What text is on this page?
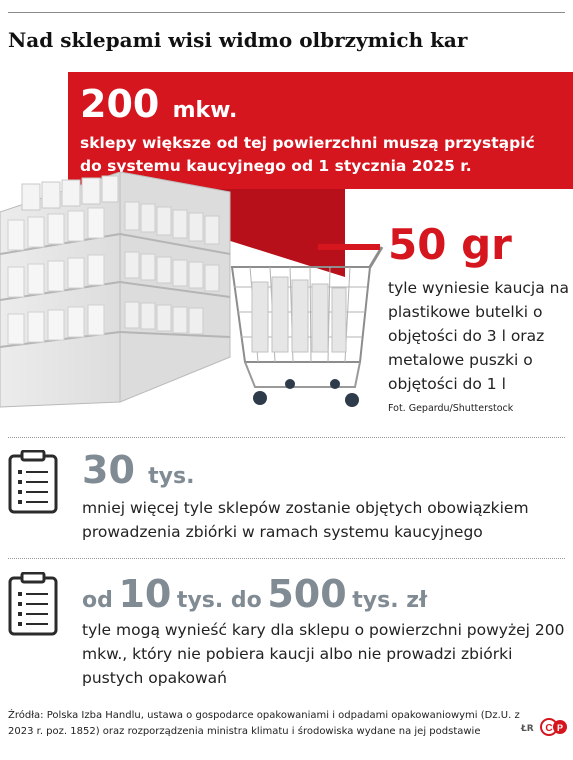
Nad sklepami wisi widmo olbrzymich kar
200 mkw.
sklepy większe od tej powierzchni muszą przystąpić do systemu kaucyjnego od 1 stycznia 2025 r.
50 gr
tyle wyniesie kaucja na plastikowe butelki o objętości do 3 l oraz metalowe puszki o objętości do 1 l
Fot. Gepardu/Shutterstock
30 tys.
mniej więcej tyle sklepów zostanie objętych obowiązkiem prowadzenia zbiórki w ramach systemu kaucyjnego
od 10 tys. do 500 tys. zł
tyle mogą wynieść kary dla sklepu o powierzchni powyżej 200 mkw., który nie pobiera kaucji albo nie prowadzi zbiórki pustych opakowań
Źródła: Polska Izba Handlu, ustawa o gospodarce opakowaniami i odpadami opakowaniowymi (Dz.U. z 2023 r. poz. 1852) oraz rozporządzenia ministra klimatu i środowiska wydane na jej podstawie	ŁR C P
